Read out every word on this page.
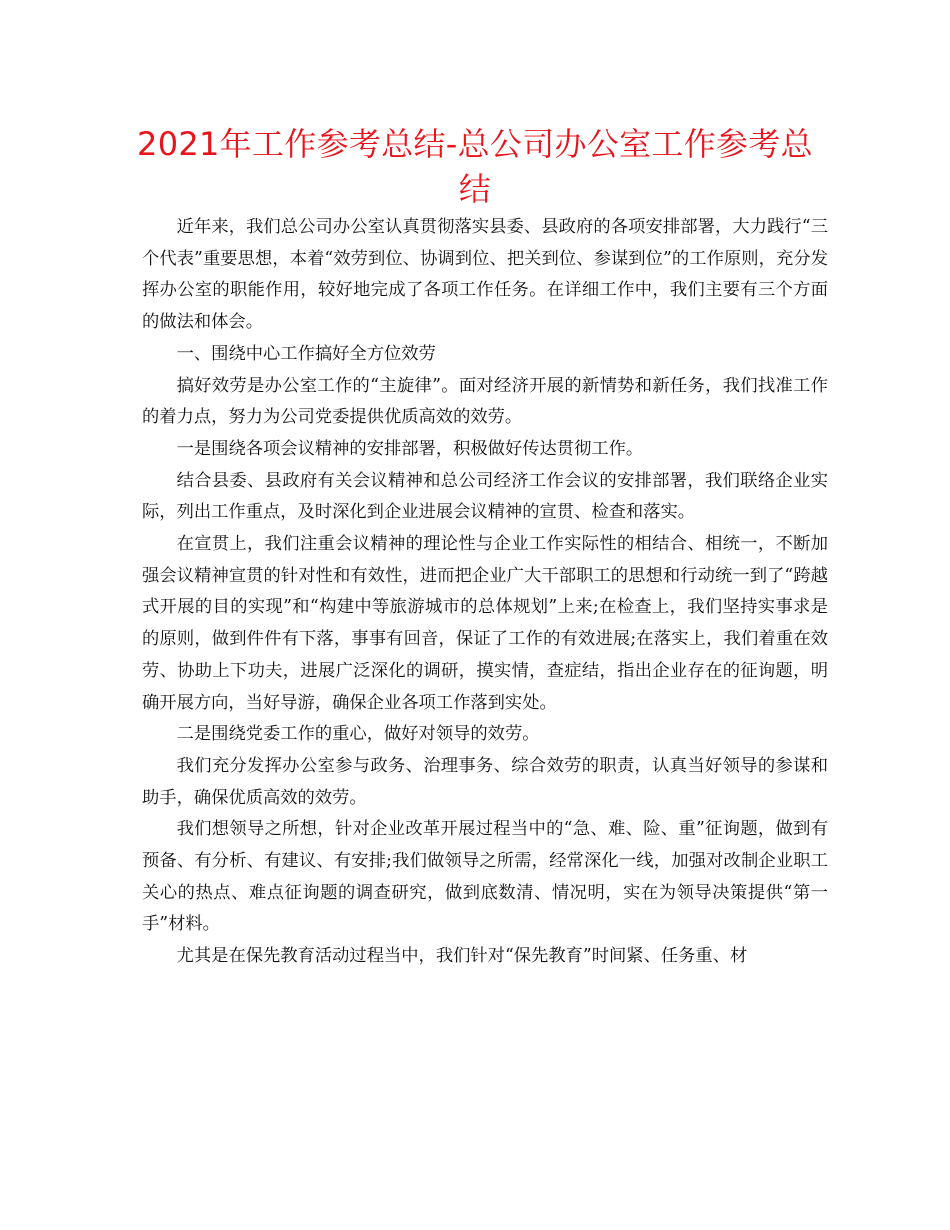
2021年工作参考总结-总公司办公室工作参考总结

近年来，我们总公司办公室认真贯彻落实县委、县政府的各项安排部署，大力践行“三个代表”重要思想，本着“效劳到位、协调到位、把关到位、参谋到位”的工作原则，充分发挥办公室的职能作用，较好地完成了各项工作任务。在详细工作中，我们主要有三个方面的做法和体会。

一、围绕中心工作搞好全方位效劳

搞好效劳是办公室工作的“主旋律”。面对经济开展的新情势和新任务，我们找准工作的着力点，努力为公司党委提供优质高效的效劳。

一是围绕各项会议精神的安排部署，积极做好传达贯彻工作。

结合县委、县政府有关会议精神和总公司经济工作会议的安排部署，我们联络企业实际，列出工作重点，及时深化到企业进展会议精神的宣贯、检查和落实。

在宣贯上，我们注重会议精神的理论性与企业工作实际性的相结合、相统一，不断加强会议精神宣贯的针对性和有效性，进而把企业广大干部职工的思想和行动统一到了“跨越式开展的目的实现”和“构建中等旅游城市的总体规划”上来;在检查上，我们坚持实事求是的原则，做到件件有下落，事事有回音，保证了工作的有效进展;在落实上，我们着重在效劳、协助上下功夫，进展广泛深化的调研，摸实情，查症结，指出企业存在的征询题，明确开展方向，当好导游，确保企业各项工作落到实处。

二是围绕党委工作的重心，做好对领导的效劳。

我们充分发挥办公室参与政务、治理事务、综合效劳的职责，认真当好领导的参谋和助手，确保优质高效的效劳。

我们想领导之所想，针对企业改革开展过程当中的“急、难、险、重”征询题，做到有预备、有分析、有建议、有安排;我们做领导之所需，经常深化一线，加强对改制企业职工关心的热点、难点征询题的调查研究，做到底数清、情况明，实在为领导决策提供“第一手”材料。

尤其是在保先教育活动过程当中，我们针对“保先教育”时间紧、任务重、材
